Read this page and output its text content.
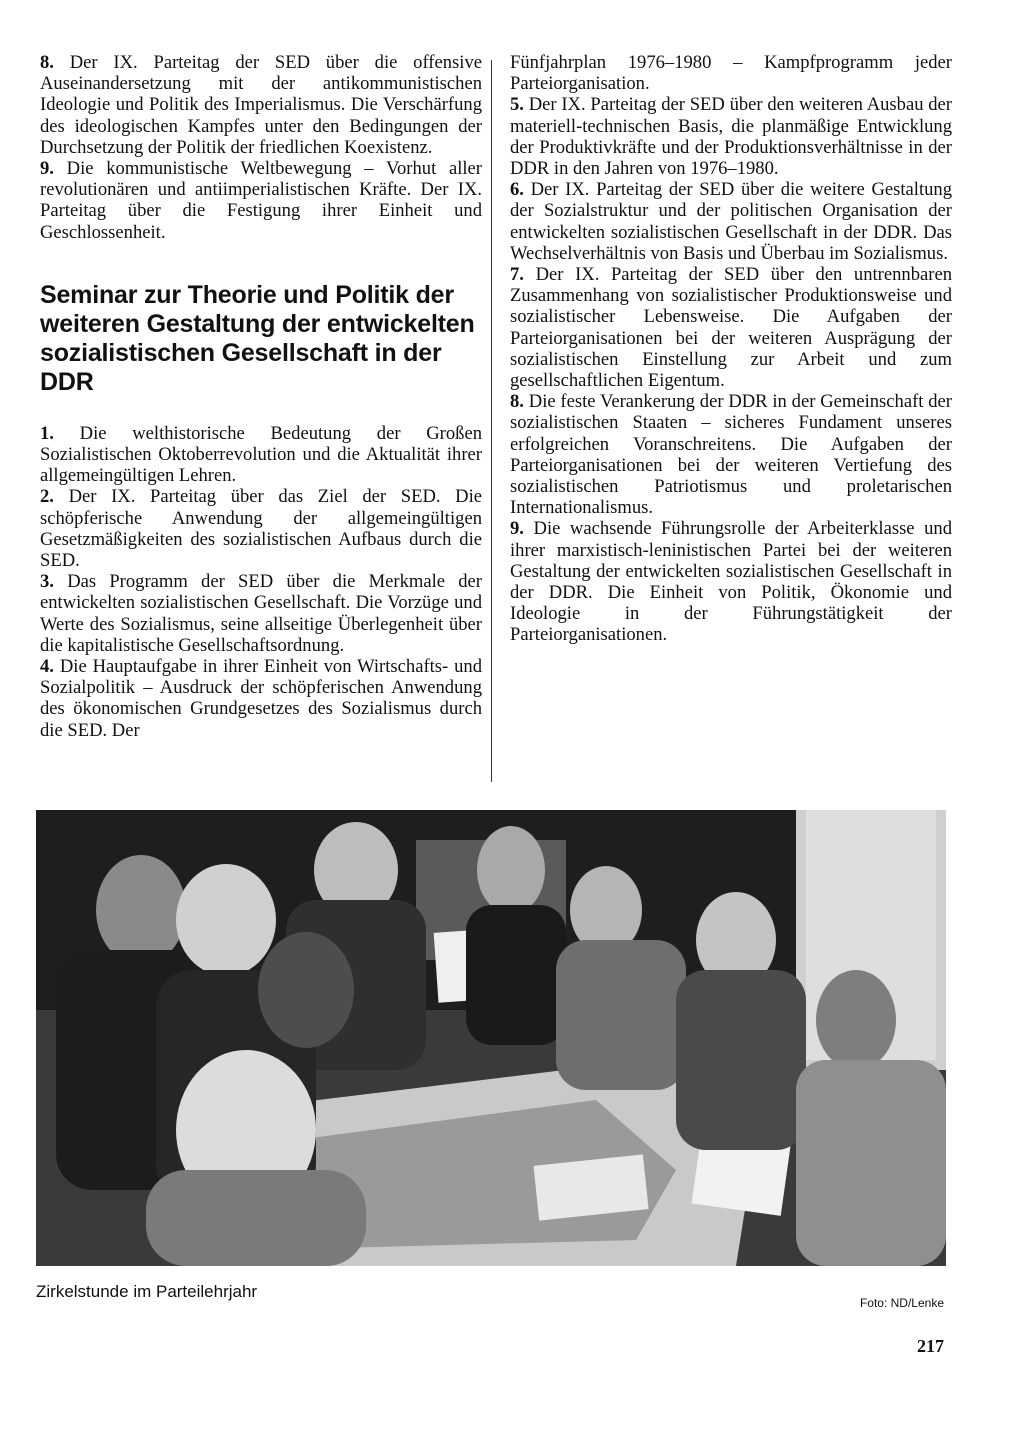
8. Der IX. Parteitag der SED über die offensive Auseinandersetzung mit der antikommunistischen Ideologie und Politik des Imperialismus. Die Verschärfung des ideologischen Kampfes unter den Bedingungen der Durchsetzung der Politik der friedlichen Koexistenz.

9. Die kommunistische Weltbewegung – Vorhut aller revolutionären und antiimperialistischen Kräfte. Der IX. Parteitag über die Festigung ihrer Einheit und Geschlossenheit.

Seminar zur Theorie und Politik der weiteren Gestaltung der entwickelten sozialistischen Gesellschaft in der DDR

1. Die welthistorische Bedeutung der Großen Sozialistischen Oktoberrevolution und die Aktualität ihrer allgemeingültigen Lehren.

2. Der IX. Parteitag über das Ziel der SED. Die schöpferische Anwendung der allgemeingültigen Gesetzmäßigkeiten des sozialistischen Aufbaus durch die SED.

3. Das Programm der SED über die Merkmale der entwickelten sozialistischen Gesellschaft. Die Vorzüge und Werte des Sozialismus, seine allseitige Überlegenheit über die kapitalistische Gesellschaftsordnung.

4. Die Hauptaufgabe in ihrer Einheit von Wirtschafts- und Sozialpolitik – Ausdruck der schöpferischen Anwendung des ökonomischen Grundgesetzes des Sozialismus durch die SED. Der

Fünfjahrplan 1976–1980 – Kampfprogramm jeder Parteiorganisation.

5. Der IX. Parteitag der SED über den weiteren Ausbau der materiell-technischen Basis, die planmäßige Entwicklung der Produktivkräfte und der Produktionsverhältnisse in der DDR in den Jahren von 1976–1980.

6. Der IX. Parteitag der SED über die weitere Gestaltung der Sozialstruktur und der politischen Organisation der entwickelten sozialistischen Gesellschaft in der DDR. Das Wechselverhältnis von Basis und Überbau im Sozialismus.

7. Der IX. Parteitag der SED über den untrennbaren Zusammenhang von sozialistischer Produktionsweise und sozialistischer Lebensweise. Die Aufgaben der Parteiorganisationen bei der weiteren Ausprägung der sozialistischen Einstellung zur Arbeit und zum gesellschaftlichen Eigentum.

8. Die feste Verankerung der DDR in der Gemeinschaft der sozialistischen Staaten – sicheres Fundament unseres erfolgreichen Voranschreitens. Die Aufgaben der Parteiorganisationen bei der weiteren Vertiefung des sozialistischen Patriotismus und proletarischen Internationalismus.

9. Die wachsende Führungsrolle der Arbeiterklasse und ihrer marxistisch-leninistischen Partei bei der weiteren Gestaltung der entwickelten sozialistischen Gesellschaft in der DDR. Die Einheit von Politik, Ökonomie und Ideologie in der Führungstätigkeit der Parteiorganisationen.

Zirkelstunde im Parteilehrjahr
Foto: ND/Lenke
217
